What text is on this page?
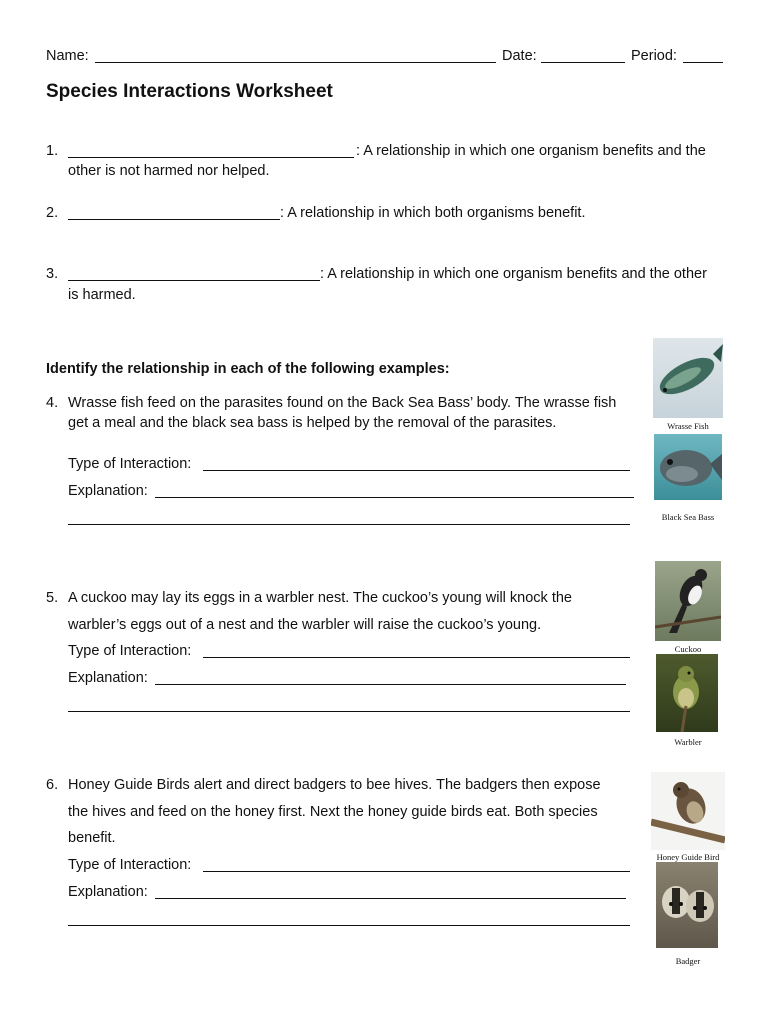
Name:	Date:	Period:
Species Interactions Worksheet
1.	: A relationship in which one organism benefits and the
other is not harmed nor helped.
2.	: A relationship in which both organisms benefit.
3.	: A relationship in which one organism benefits and the other
is harmed.
Identify the relationship in each of the following examples:
4. Wrasse fish feed on the parasites found on the Back Sea Bass’ body. The wrasse fish
get a meal and the black sea bass is helped by the removal of the parasites.
Type of Interaction:
Explanation:
Wrasse Fish
Black Sea Bass
5. A cuckoo may lay its eggs in a warbler nest. The cuckoo’s young will knock the
warbler’s eggs out of a nest and the warbler will raise the cuckoo’s young.
Type of Interaction:
Explanation:
Cuckoo
Warbler
6. Honey Guide Birds alert and direct badgers to bee hives. The badgers then expose
the hives and feed on the honey first. Next the honey guide birds eat. Both species
benefit.
Type of Interaction:
Explanation:
Honey Guide Bird
Badger
